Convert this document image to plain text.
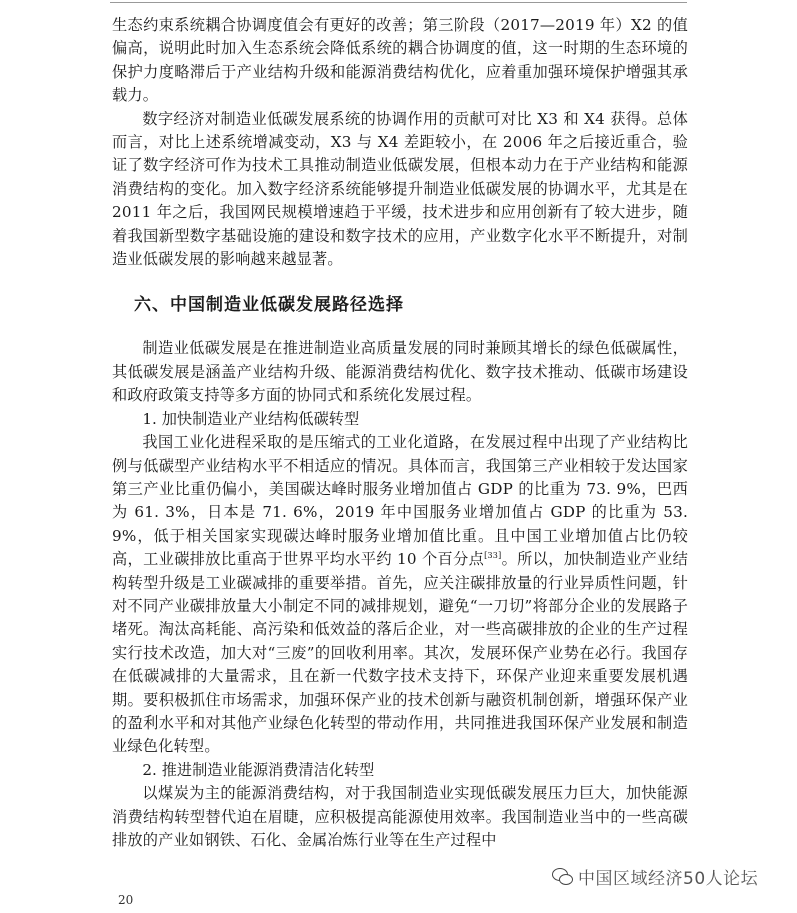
生态约束系统耦合协调度值会有更好的改善；第三阶段（2017—2019 年）X2 的值偏高，说明此时加入生态系统会降低系统的耦合协调度的值，这一时期的生态环境的保护力度略滞后于产业结构升级和能源消费结构优化，应着重加强环境保护增强其承载力。

数字经济对制造业低碳发展系统的协调作用的贡献可对比 X3 和 X4 获得。总体而言，对比上述系统增减变动，X3 与 X4 差距较小，在 2006 年之后接近重合，验证了数字经济可作为技术工具推动制造业低碳发展，但根本动力在于产业结构和能源消费结构的变化。加入数字经济系统能够提升制造业低碳发展的协调水平，尤其是在 2011 年之后，我国网民规模增速趋于平缓，技术进步和应用创新有了较大进步，随着我国新型数字基础设施的建设和数字技术的应用，产业数字化水平不断提升，对制造业低碳发展的影响越来越显著。

六、中国制造业低碳发展路径选择

制造业低碳发展是在推进制造业高质量发展的同时兼顾其增长的绿色低碳属性，其低碳发展是涵盖产业结构升级、能源消费结构优化、数字技术推动、低碳市场建设和政府政策支持等多方面的协同式和系统化发展过程。

1. 加快制造业产业结构低碳转型

我国工业化进程采取的是压缩式的工业化道路，在发展过程中出现了产业结构比例与低碳型产业结构水平不相适应的情况。具体而言，我国第三产业相较于发达国家第三产业比重仍偏小，美国碳达峰时服务业增加值占 GDP 的比重为 73. 9%，巴西为 61. 3%，日本是 71. 6%，2019 年中国服务业增加值占 GDP 的比重为 53. 9%，低于相关国家实现碳达峰时服务业增加值比重。且中国工业增加值占比仍较高，工业碳排放比重高于世界平均水平约 10 个百分点[33]。所以，加快制造业产业结构转型升级是工业碳减排的重要举措。首先，应关注碳排放量的行业异质性问题，针对不同产业碳排放量大小制定不同的减排规划，避免“一刀切”将部分企业的发展路子堵死。淘汰高耗能、高污染和低效益的落后企业，对一些高碳排放的企业的生产过程实行技术改造，加大对“三废”的回收利用率。其次，发展环保产业势在必行。我国存在低碳减排的大量需求，且在新一代数字技术支持下，环保产业迎来重要发展机遇期。要积极抓住市场需求，加强环保产业的技术创新与融资机制创新，增强环保产业的盈利水平和对其他产业绿色化转型的带动作用，共同推进我国环保产业发展和制造业绿色化转型。

2. 推进制造业能源消费清洁化转型

以煤炭为主的能源消费结构，对于我国制造业实现低碳发展压力巨大，加快能源消费结构转型替代迫在眉睫，应积极提高能源使用效率。我国制造业当中的一些高碳排放的产业如钢铁、石化、金属冶炼行业等在生产过程中

20
中国区域经济50人论坛
